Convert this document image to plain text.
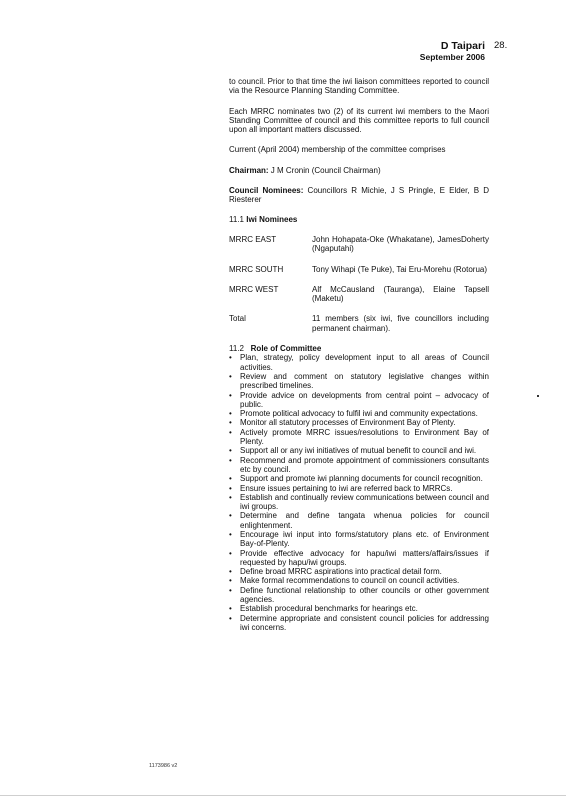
D Taipari
September 2006
28.

to council. Prior to that time the iwi liaison committees reported to council via the Resource Planning Standing Committee.

Each MRRC nominates two (2) of its current iwi members to the Maori Standing Committee of council and this committee reports to full council upon all important matters discussed.

Current (April 2004) membership of the committee comprises

Chairman: J M Cronin (Council Chairman)

Council Nominees: Councillors R Michie, J S Pringle, E Elder, B D Riesterer

11.1 Iwi Nominees
MRRC EAST	John Hohapata-Oke (Whakatane), JamesDoherty (Ngaputahi)
MRRC SOUTH	Tony Wihapi (Te Puke), Tai Eru-Morehu (Rotorua)
MRRC WEST	Alf McCausland (Tauranga), Elaine Tapsell (Maketu)
Total	11 members (six iwi, five councillors including permanent chairman).
11.2 Role of Committee
• Plan, strategy, policy development input to all areas of Council activities.
• Review and comment on statutory legislative changes within prescribed timelines.
• Provide advice on developments from central point – advocacy of public.
• Promote political advocacy to fulfil iwi and community expectations.
• Monitor all statutory processes of Environment Bay of Plenty.
• Actively promote MRRC issues/resolutions to Environment Bay of Plenty.
• Support all or any iwi initiatives of mutual benefit to council and iwi.
• Recommend and promote appointment of commissioners consultants etc by council.
• Support and promote iwi planning documents for council recognition.
• Ensure issues pertaining to iwi are referred back to MRRCs.
• Establish and continually review communications between council and iwi groups.
• Determine and define tangata whenua policies for council enlightenment.
• Encourage iwi input into forms/statutory plans etc. of Environment Bay-of-Plenty.
• Provide effective advocacy for hapu/iwi matters/affairs/issues if requested by hapu/iwi groups.
• Define broad MRRC aspirations into practical detail form.
• Make formal recommendations to council on council activities.
• Define functional relationship to other councils or other government agencies.
• Establish procedural benchmarks for hearings etc.
• Determine appropriate and consistent council policies for addressing iwi concerns.
1173986 v2
